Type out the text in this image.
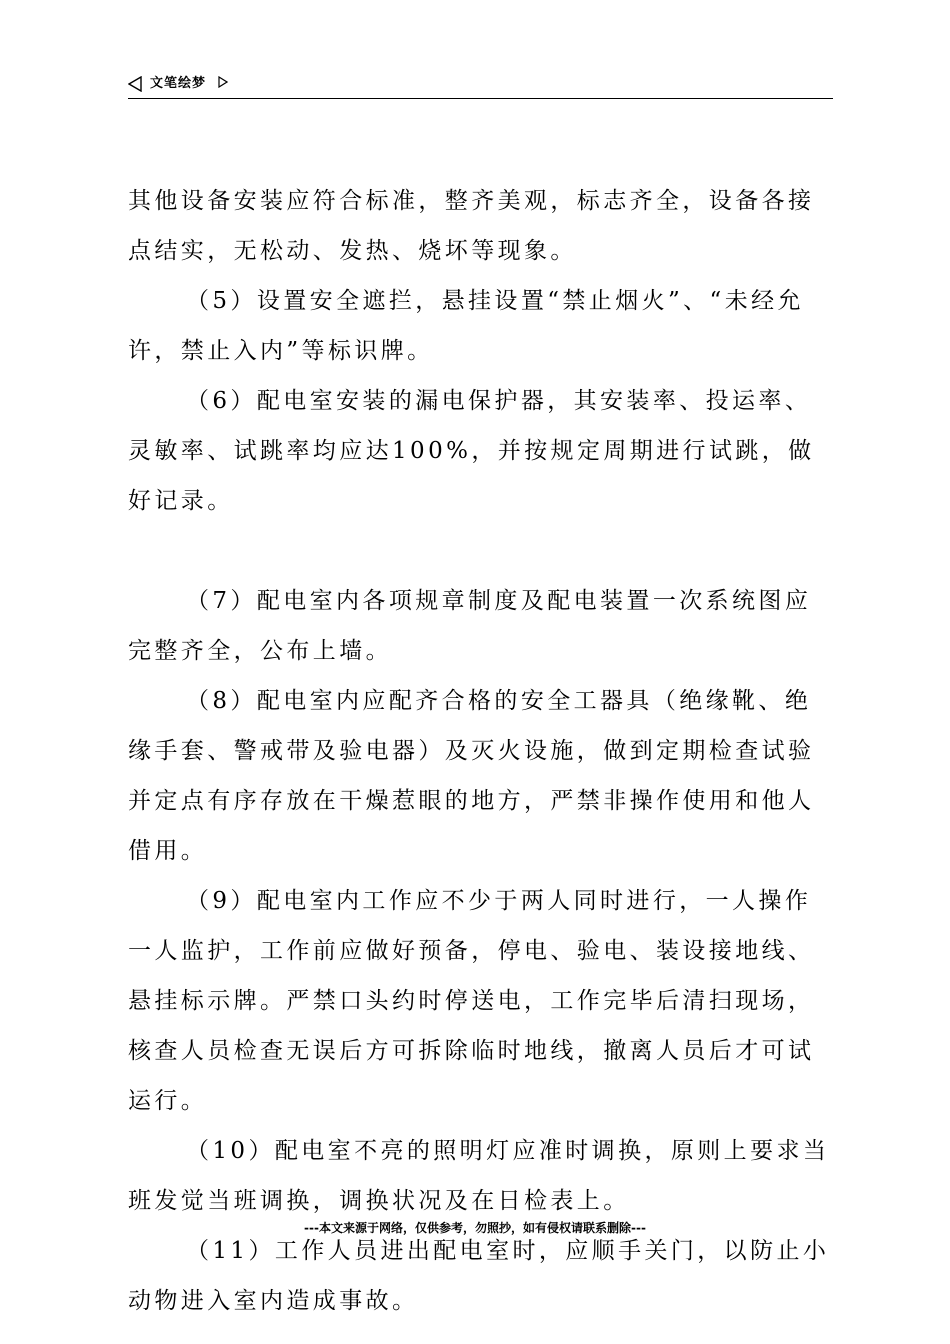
文笔绘梦

其他设备安装应符合标准，整齐美观，标志齐全，设备各接点结实，无松动、发热、烧坏等现象。

（5）设置安全遮拦，悬挂设置“禁止烟火”、“未经允许，禁止入内”等标识牌。

（6）配电室安装的漏电保护器，其安装率、投运率、灵敏率、试跳率均应达100%，并按规定周期进行试跳，做好记录。

（7）配电室内各项规章制度及配电装置一次系统图应完整齐全，公布上墙。

（8）配电室内应配齐合格的安全工器具（绝缘靴、绝缘手套、警戒带及验电器）及灭火设施，做到定期检查试验并定点有序存放在干燥惹眼的地方，严禁非操作使用和他人借用。

（9）配电室内工作应不少于两人同时进行，一人操作一人监护，工作前应做好预备，停电、验电、装设接地线、悬挂标示牌。严禁口头约时停送电，工作完毕后清扫现场，核查人员检查无误后方可拆除临时地线，撤离人员后才可试运行。

（10）配电室不亮的照明灯应准时调换，原则上要求当班发觉当班调换，调换状况及在日检表上。

（11）工作人员进出配电室时，应顺手关门，以防止小动物进入室内造成事故。

---本文来源于网络，仅供参考，勿照抄，如有侵权请联系删除---
